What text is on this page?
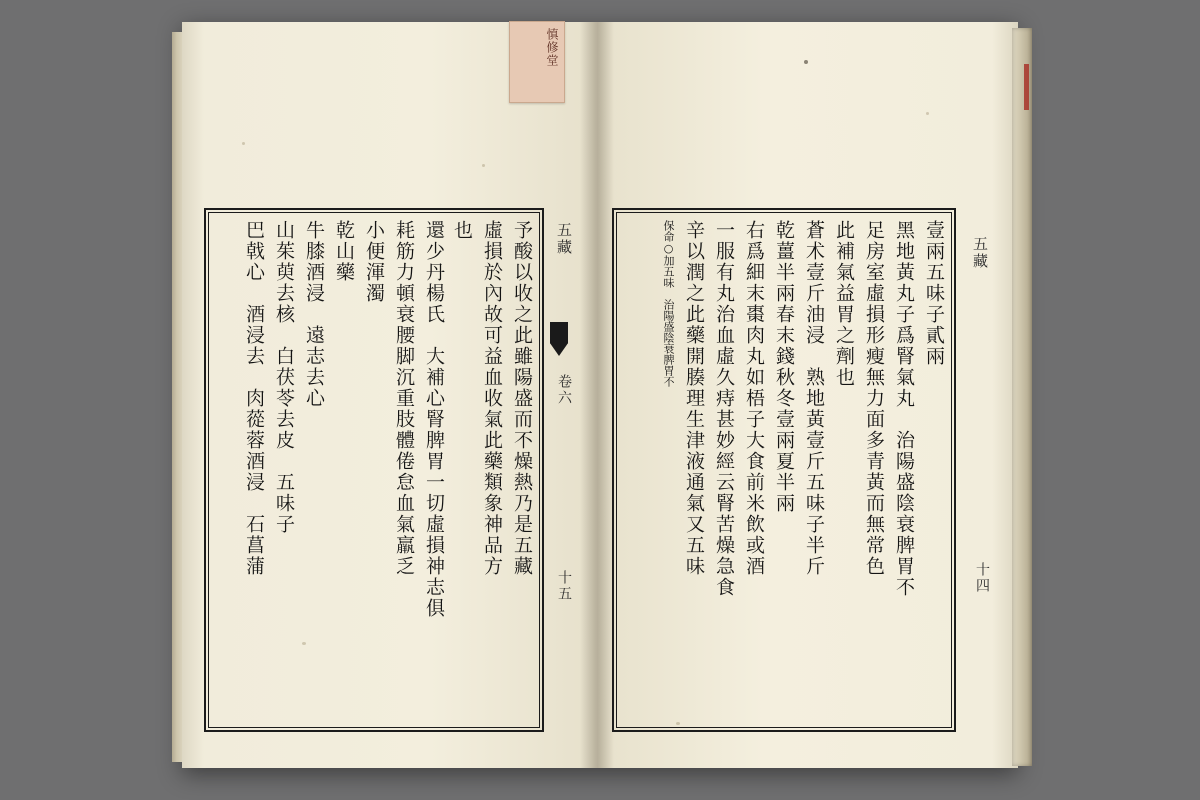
予酸以收之此雖陽盛而不燥熱乃是五藏
虛損於內故可益血收氣此藥類象神品方
也
還少丹楊氏　大補心腎脾胃一切虛損神志俱
耗筋力頓衰腰脚沉重肢體倦怠血氣羸乏
小便渾濁
乾山藥
牛膝酒浸　遠志去心
山茱萸去核　白茯苓去皮　五味子
巴戟心　酒浸去　肉蓯蓉酒浸　石菖蒲	五藏
卷六
十五
壹兩五味子貳兩
黑地黃丸子爲腎氣丸　治陽盛陰衰脾胃不
足房室虛損形瘦無力面多青黃而無常色
此補氣益胃之劑也
蒼术壹斤油浸　熟地黃壹斤五味子半斤
乾薑半兩春末錢秋冬壹兩夏半兩
右爲細末棗肉丸如梧子大食前米飲或酒
一服有丸治血虛久痔甚妙經云腎苦燥急食
辛以潤之此藥開腠理生津液通氣又五味
保命○加五味　治陽盛陰衰脾胃不	五藏
十四
慎修堂
